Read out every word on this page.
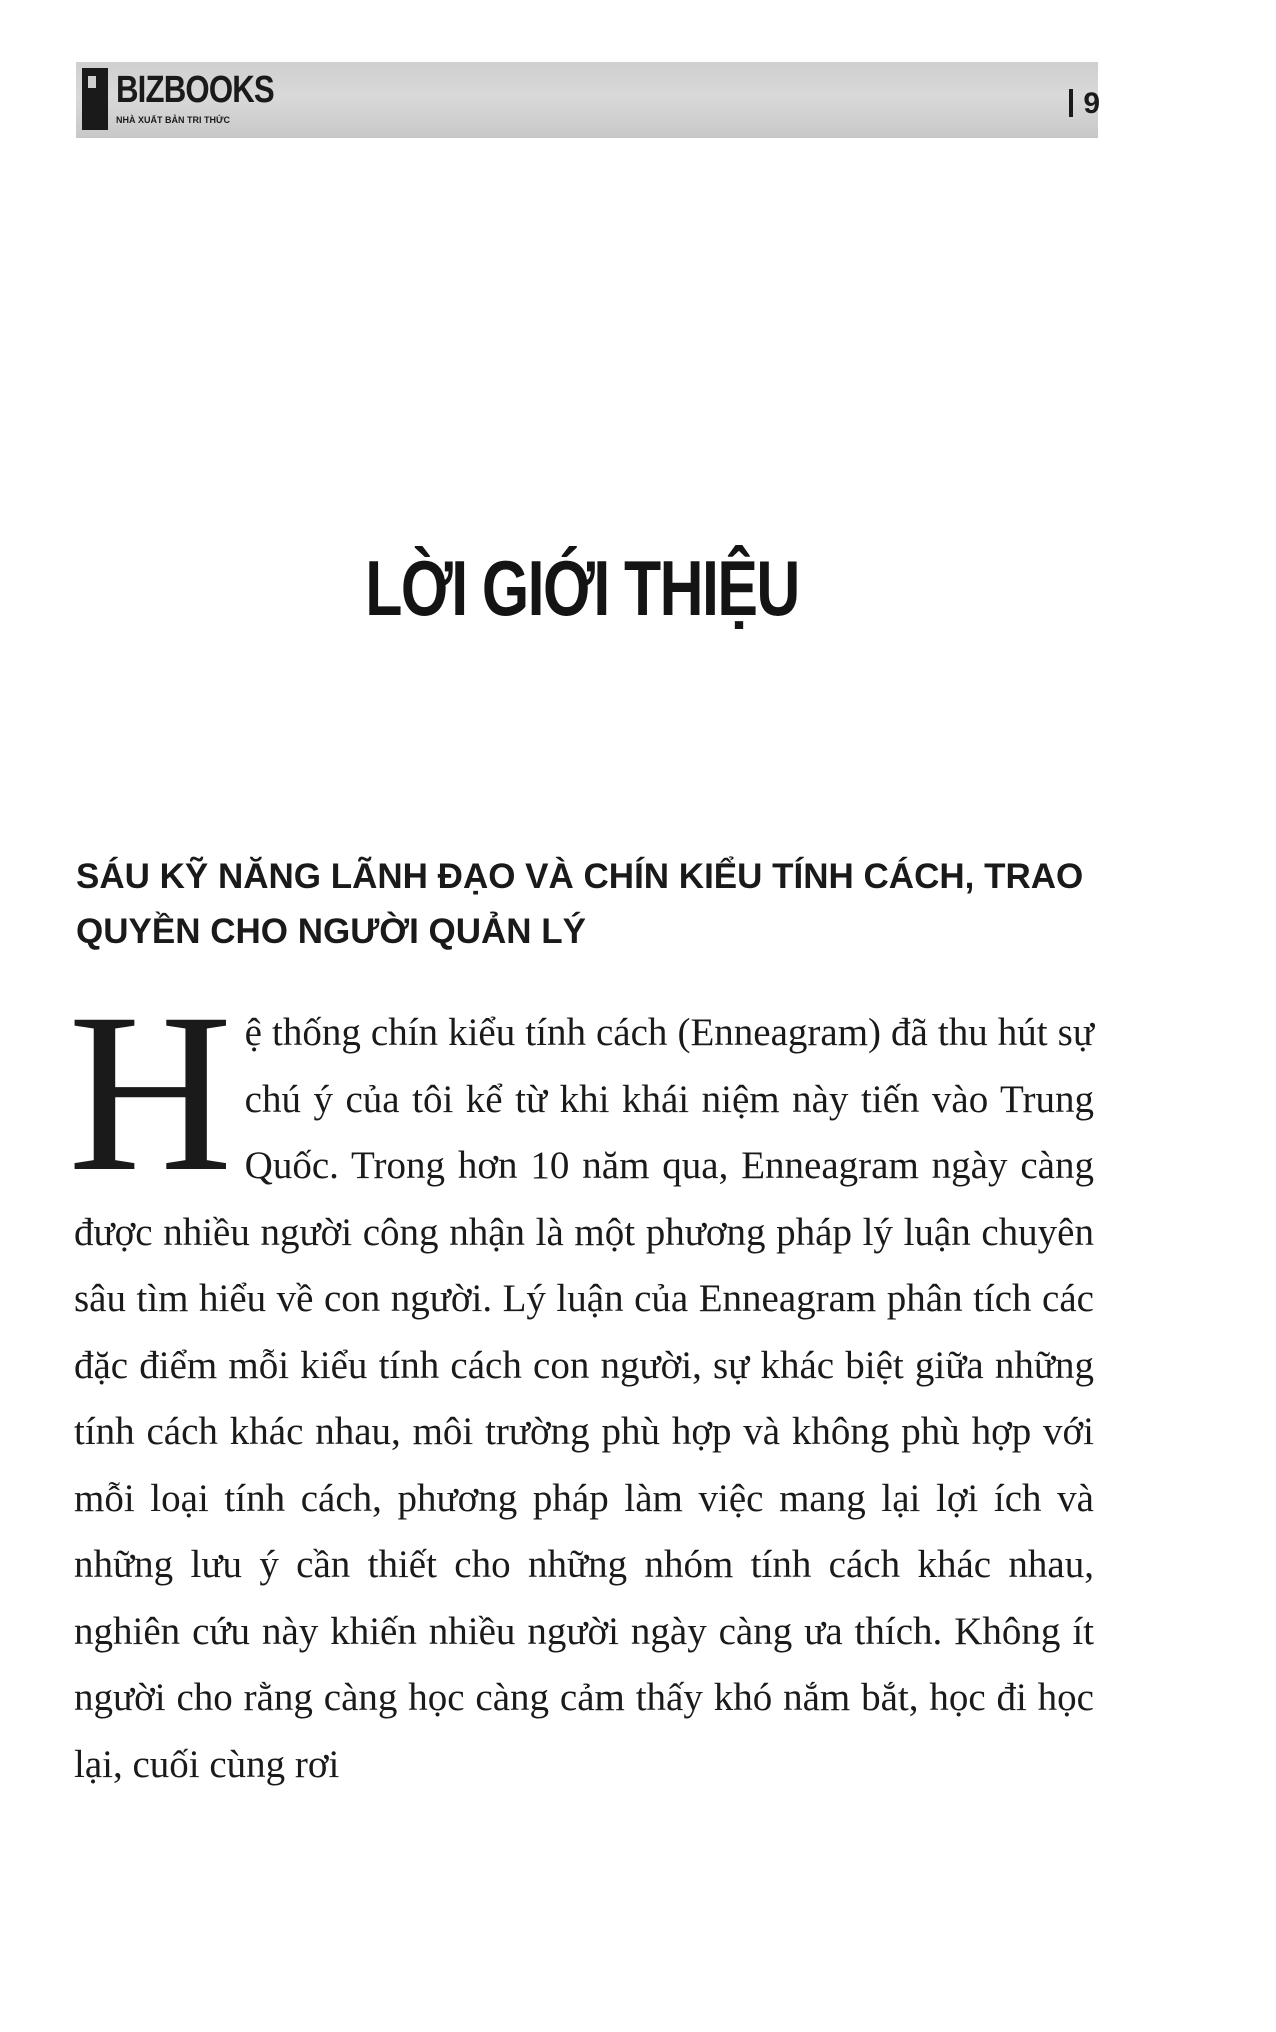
BIZBOOKS
NHÀ XUẤT BẢN TRI THỨC	9
LỜI GIỚI THIỆU
SÁU KỸ NĂNG LÃNH ĐẠO VÀ CHÍN KIỂU TÍNH CÁCH, TRAO QUYỀN CHO NGƯỜI QUẢN LÝ
H ệ thống chín kiểu tính cách (Enneagram) đã thu hút sự chú ý của tôi kể từ khi khái niệm này tiến vào Trung Quốc. Trong hơn 10 năm qua, Enneagram ngày càng được nhiều người công nhận là một phương pháp lý luận chuyên sâu tìm hiểu về con người. Lý luận của Enneagram phân tích các đặc điểm mỗi kiểu tính cách con người, sự khác biệt giữa những tính cách khác nhau, môi trường phù hợp và không phù hợp với mỗi loại tính cách, phương pháp làm việc mang lại lợi ích và những lưu ý cần thiết cho những nhóm tính cách khác nhau, nghiên cứu này khiến nhiều người ngày càng ưa thích. Không ít người cho rằng càng học càng cảm thấy khó nắm bắt, học đi học lại, cuối cùng rơi
